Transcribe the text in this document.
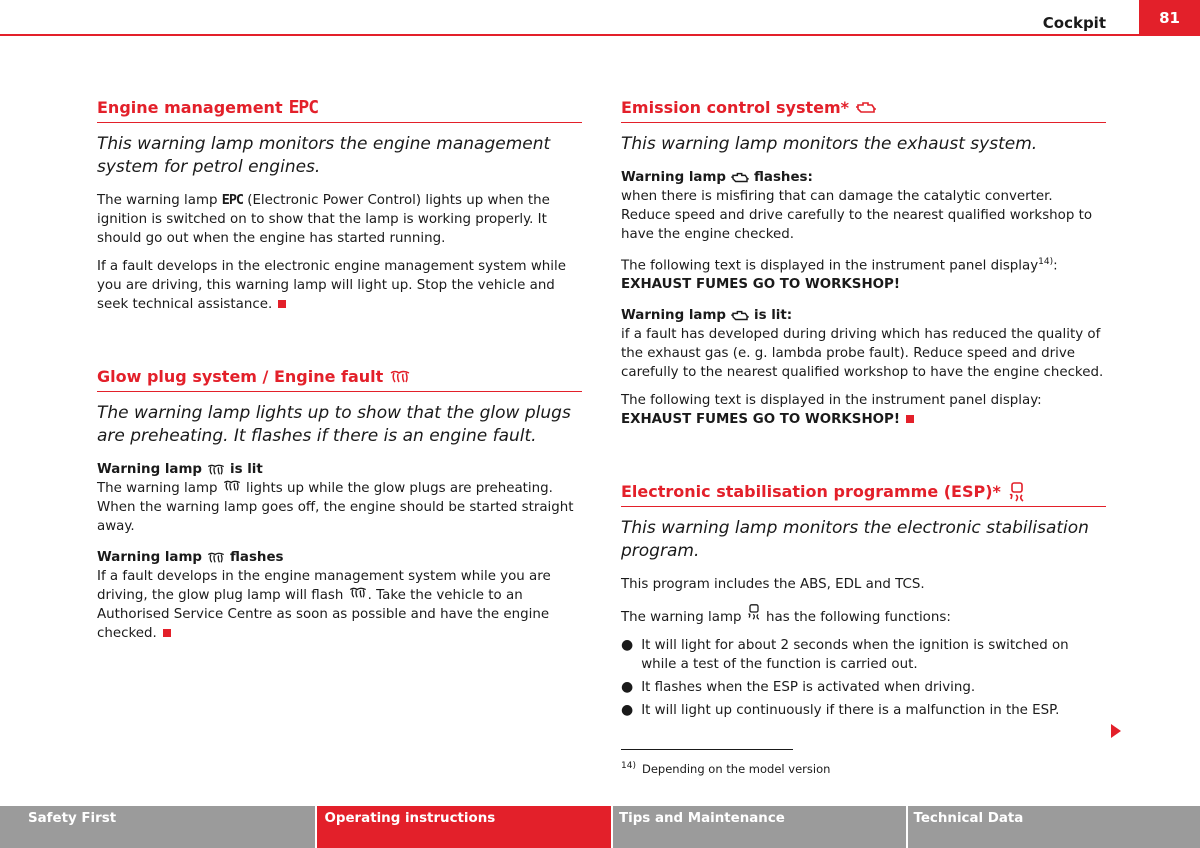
Cockpit	81
Engine management EPC
This warning lamp monitors the engine management system for petrol engines.

The warning lamp EPC (Electronic Power Control) lights up when the ignition is switched on to show that the lamp is working properly. It should go out when the engine has started running.

If a fault develops in the electronic engine management system while you are driving, this warning lamp will light up. Stop the vehicle and seek technical assistance.

Glow plug system / Engine fault
The warning lamp lights up to show that the glow plugs are preheating. It flashes if there is an engine fault.
Warning lamp is lit

The warning lamp lights up while the glow plugs are preheating. When the warning lamp goes off, the engine should be started straight away.

Warning lamp flashes

If a fault develops in the engine management system while you are driving, the glow plug lamp will flash . Take the vehicle to an Authorised Service Centre as soon as possible and have the engine checked.

Emission control system*
This warning lamp monitors the exhaust system.
Warning lamp flashes:

when there is misfiring that can damage the catalytic converter. Reduce speed and drive carefully to the nearest qualified workshop to have the engine checked.

The following text is displayed in the instrument panel display$^{14)}$: EXHAUST FUMES GO TO WORKSHOP!

Warning lamp is lit:

if a fault has developed during driving which has reduced the quality of the exhaust gas (e. g. lambda probe fault). Reduce speed and drive carefully to the nearest qualified workshop to have the engine checked.

The following text is displayed in the instrument panel display: EXHAUST FUMES GO TO WORKSHOP!

Electronic stabilisation programme (ESP)*
This warning lamp monitors the electronic stabilisation program.

This program includes the ABS, EDL and TCS.

The warning lamp has the following functions:

● It will light for about 2 seconds when the ignition is switched on while a test of the function is carried out.
● It flashes when the ESP is activated when driving.
● It will light up continuously if there is a malfunction in the ESP.
$^{14)}$ Depending on the model version
Safety First	Operating instructions	Tips and Maintenance	Technical Data
